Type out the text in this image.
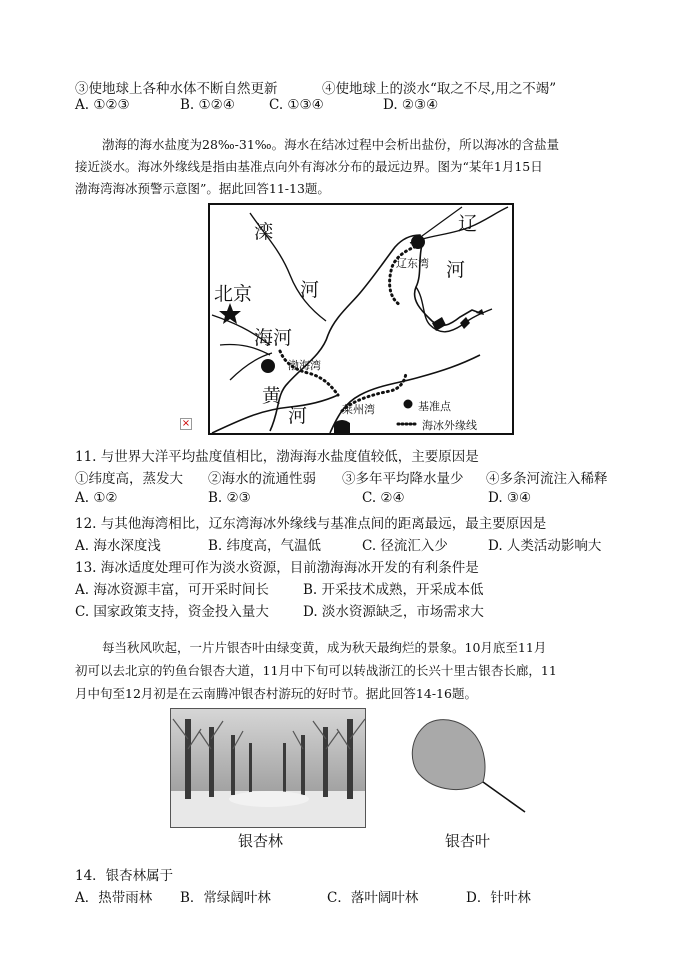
③使地球上各种水体不断自然更新	④使地球上的淡水“取之不尽,用之不竭”
A. ①②③	B. ①②④	C. ①③④	D. ②③④
渤海的海水盐度为28‰-31‰。海水在结冰过程中会析出盐份，所以海冰的含盐量
接近淡水。海冰外缘线是指由基准点向外有海冰分布的最远边界。图为“某年1月15日
渤海湾海冰预警示意图”。据此回答11-13题。
滦
河
辽
河
北京
海河
黄
河
辽东湾
渤海湾
莱州湾	基准点
海冰外缘线
×
11. 与世界大洋平均盐度值相比，渤海海水盐度值较低，主要原因是
①纬度高，蒸发大 ②海水的流通性弱 ③多年平均降水量少 ④多条河流注入稀释
A. ①②	B. ②③	C. ②④	D. ③④
12. 与其他海湾相比，辽东湾海冰外缘线与基准点间的距离最远，最主要原因是
A. 海水深度浅	B. 纬度高，气温低	C. 径流汇入少	D. 人类活动影响大
13. 海冰适度处理可作为淡水资源，目前渤海海冰开发的有利条件是
A. 海冰资源丰富，可开采时间长	B. 开采技术成熟，开采成本低
C. 国家政策支持，资金投入量大	D. 淡水资源缺乏，市场需求大
每当秋风吹起，一片片银杏叶由绿变黄，成为秋天最绚烂的景象。10月底至11月
初可以去北京的钓鱼台银杏大道，11月中下旬可以转战浙江的长兴十里古银杏长廊，11
月中旬至12月初是在云南腾冲银杏村游玩的好时节。据此回答14-16题。
银杏林	银杏叶
14．银杏林属于
A．热带雨林 B．常绿阔叶林	C．落叶阔叶林	D．针叶林
